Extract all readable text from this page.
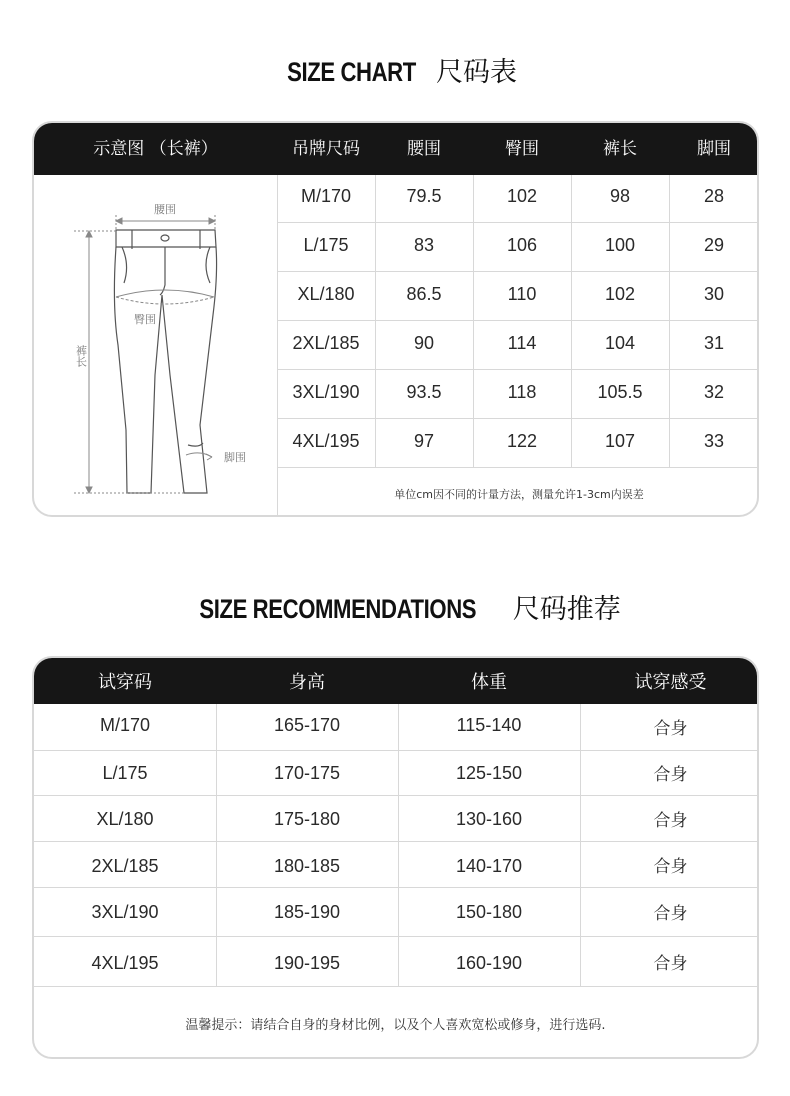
SIZE CHART 尺码表
示意图 （长裤）	吊牌尺码	腰围	臀围	裤长	脚围
M/170	79.5	102	98	28
L/175	83	106	100	29
XL/180	86.5	110	102	30
2XL/185	90	114	104	31
3XL/190	93.5	118	105.5	32
4XL/195	97	122	107	33
单位cm因不同的计量方法，测量允许1-3cm内误差
腰围
臀围
裤长
脚围
SIZE RECOMMENDATIONS 尺码推荐
试穿码	身高	体重	试穿感受
M/170	165-170	115-140	合身
L/175	170-175	125-150	合身
XL/180	175-180	130-160	合身
2XL/185	180-185	140-170	合身
3XL/190	185-190	150-180	合身
4XL/195	190-195	160-190	合身
温馨提示：请结合自身的身材比例，以及个人喜欢宽松或修身，进行选码.
